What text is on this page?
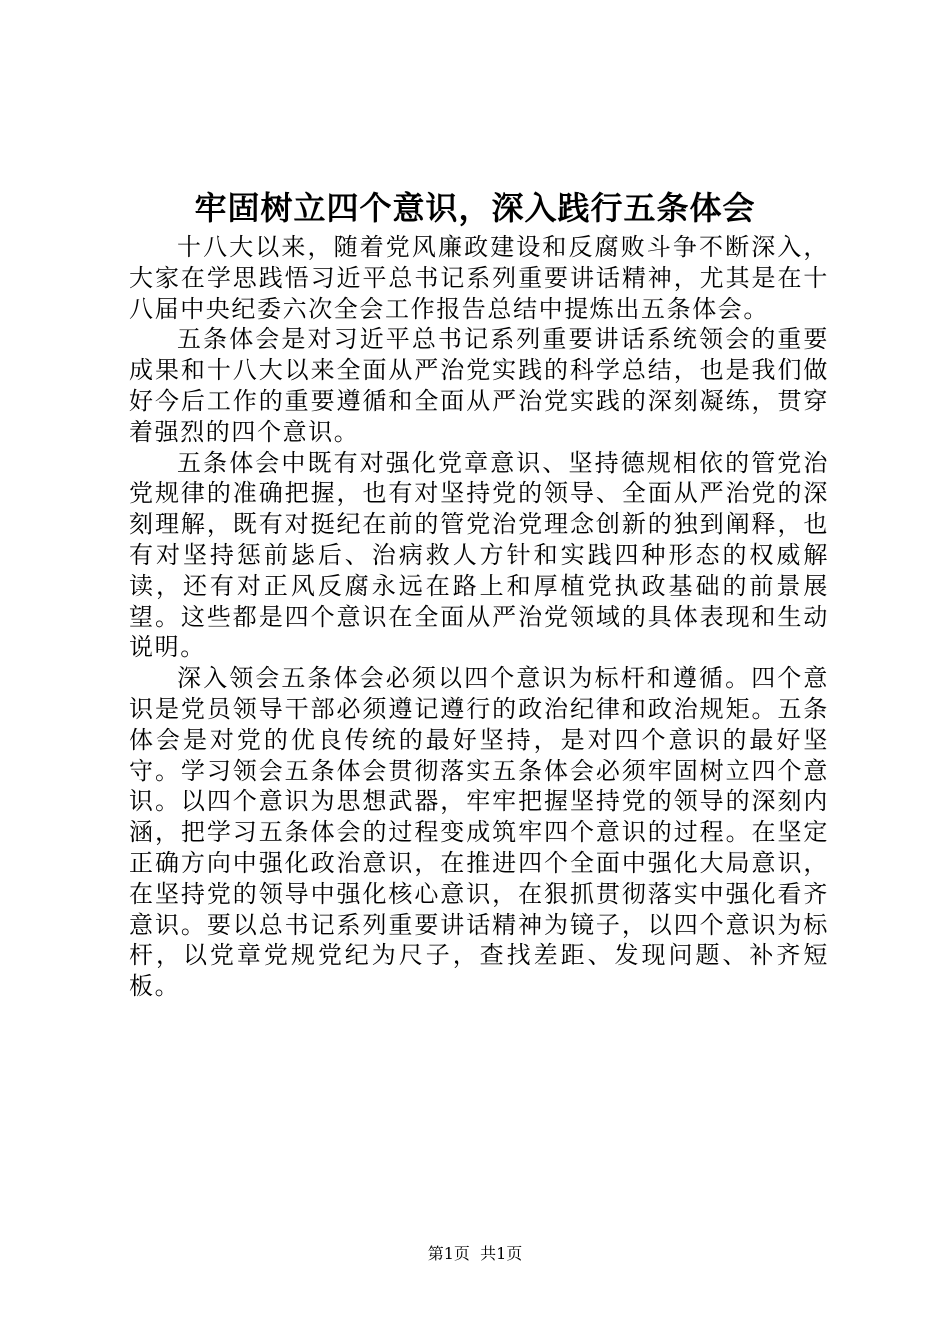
牢固树立四个意识，深入践行五条体会

十八大以来，随着党风廉政建设和反腐败斗争不断深入，大家在学思践悟习近平总书记系列重要讲话精神，尤其是在十八届中央纪委六次全会工作报告总结中提炼出五条体会。

五条体会是对习近平总书记系列重要讲话系统领会的重要成果和十八大以来全面从严治党实践的科学总结，也是我们做好今后工作的重要遵循和全面从严治党实践的深刻凝练，贯穿着强烈的四个意识。

五条体会中既有对强化党章意识、坚持德规相依的管党治党规律的准确把握，也有对坚持党的领导、全面从严治党的深刻理解，既有对挺纪在前的管党治党理念创新的独到阐释，也有对坚持惩前毖后、治病救人方针和实践四种形态的权威解读，还有对正风反腐永远在路上和厚植党执政基础的前景展望。这些都是四个意识在全面从严治党领域的具体表现和生动说明。

深入领会五条体会必须以四个意识为标杆和遵循。四个意识是党员领导干部必须遵记遵行的政治纪律和政治规矩。五条体会是对党的优良传统的最好坚持，是对四个意识的最好坚守。学习领会五条体会贯彻落实五条体会必须牢固树立四个意识。以四个意识为思想武器，牢牢把握坚持党的领导的深刻内涵，把学习五条体会的过程变成筑牢四个意识的过程。在坚定正确方向中强化政治意识，在推进四个全面中强化大局意识，在坚持党的领导中强化核心意识，在狠抓贯彻落实中强化看齐意识。要以总书记系列重要讲话精神为镜子，以四个意识为标杆，以党章党规党纪为尺子，查找差距、发现问题、补齐短板。

第1页  共1页
